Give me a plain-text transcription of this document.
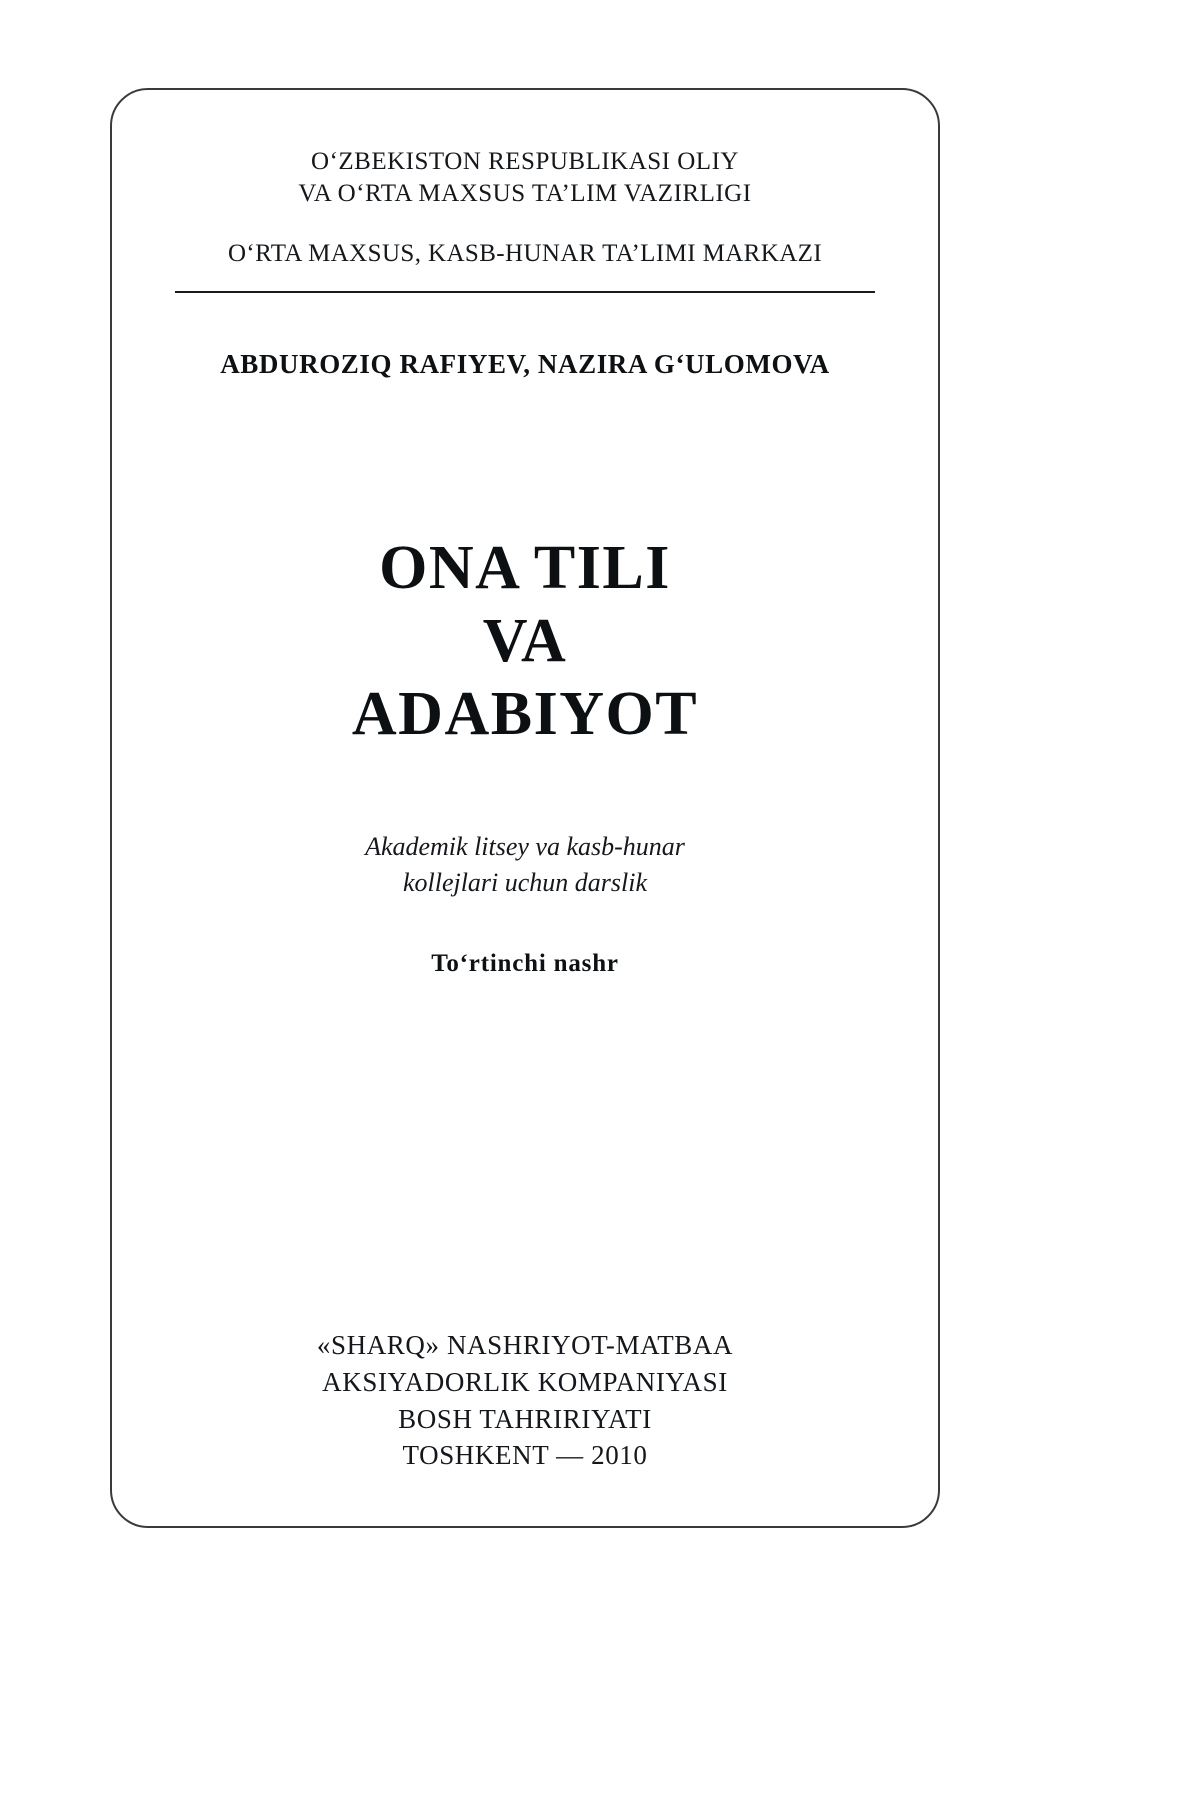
O‘ZBEKISTON RESPUBLIKASI OLIY
VA O‘RTA MAXSUS TA’LIM VAZIRLIGI
O‘RTA MAXSUS, KASB-HUNAR TA’LIMI MARKAZI
ABDUROZIQ RAFIYEV, NAZIRA G‘ULOMOVA
ONA TILI
VA
ADABIYOT
Akademik litsey va kasb-hunar
kollejlari uchun darslik
To‘rtinchi nashr
«SHARQ» NASHRIYOT-MATBAA
AKSIYADORLIK KOMPANIYASI
BOSH TAHRIRIYATI
TOSHKENT — 2010
